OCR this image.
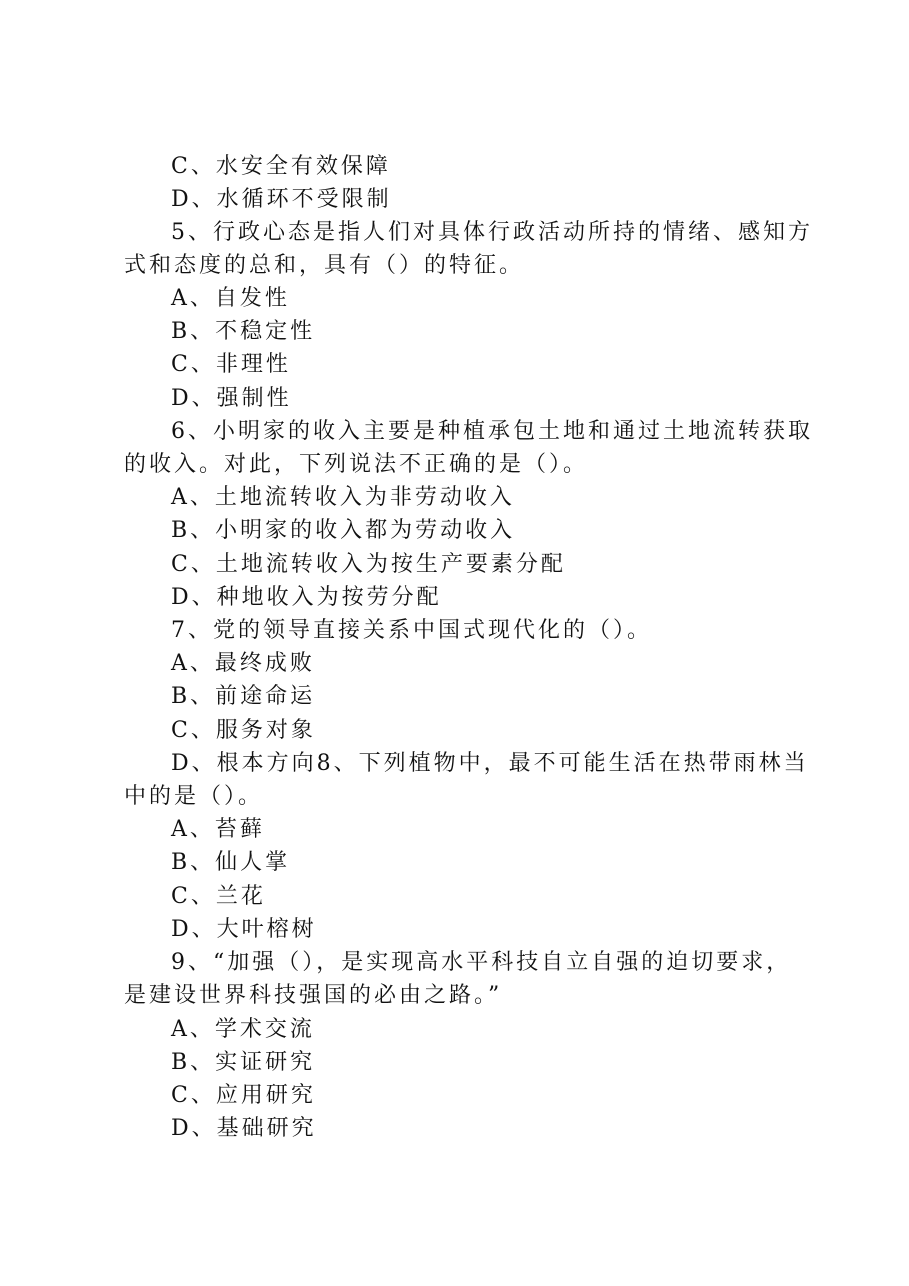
C、水安全有效保障
D、水循环不受限制
5、行政心态是指人们对具体行政活动所持的情绪、感知方
式和态度的总和，具有（）的特征。
A、自发性
B、不稳定性
C、非理性
D、强制性
6、小明家的收入主要是种植承包土地和通过土地流转获取
的收入。对此，下列说法不正确的是（）。
A、土地流转收入为非劳动收入
B、小明家的收入都为劳动收入
C、土地流转收入为按生产要素分配
D、种地收入为按劳分配
7、党的领导直接关系中国式现代化的（）。
A、最终成败
B、前途命运
C、服务对象
D、根本方向8、下列植物中，最不可能生活在热带雨林当
中的是（）。
A、苔藓
B、仙人掌
C、兰花
D、大叶榕树
9、“加强（），是实现高水平科技自立自强的迫切要求，
是建设世界科技强国的必由之路。”
A、学术交流
B、实证研究
C、应用研究
D、基础研究
